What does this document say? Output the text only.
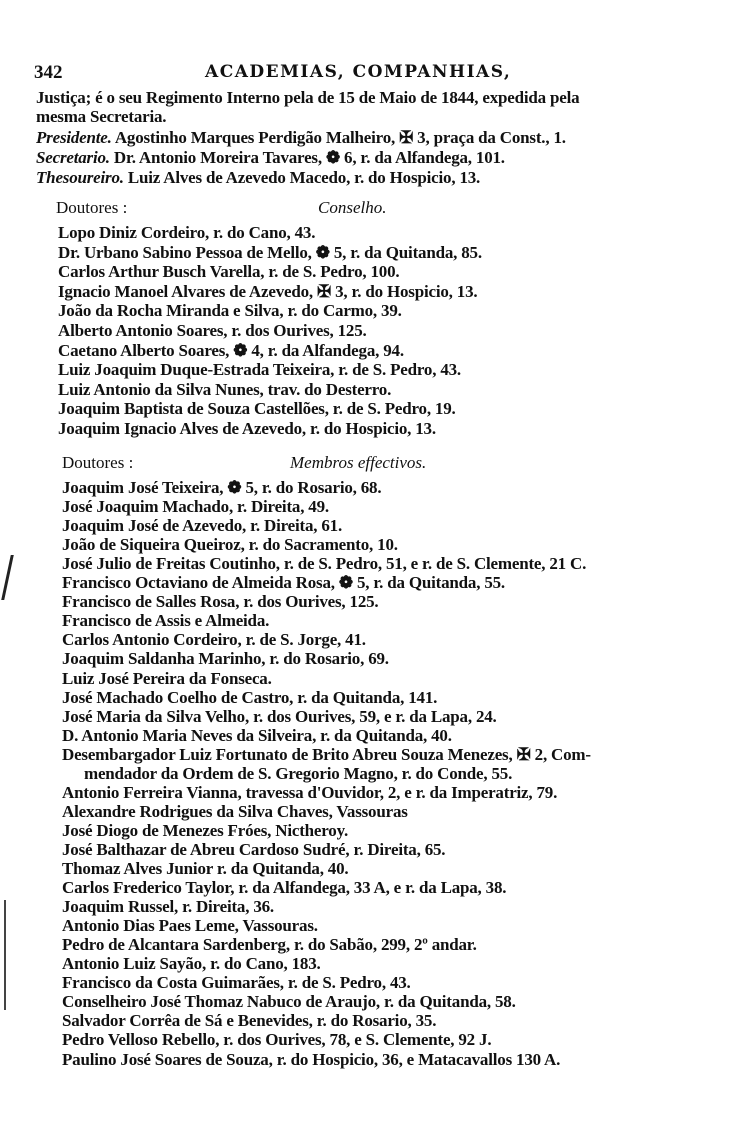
342	ACADEMIAS, COMPANHIAS,
Justiça; é o seu Regimento Interno pela de 15 de Maio de 1844, expedida pela
mesma Secretaria.
Presidente. Agostinho Marques Perdigão Malheiro, ✠ 3, praça da Const., 1.
Secretario. Dr. Antonio Moreira Tavares, ❁ 6, r. da Alfandega, 101.
Thesoureiro. Luiz Alves de Azevedo Macedo, r. do Hospicio, 13.
Doutores :	Conselho.
Lopo Diniz Cordeiro, r. do Cano, 43.
Dr. Urbano Sabino Pessoa de Mello, ❁ 5, r. da Quitanda, 85.
Carlos Arthur Busch Varella, r. de S. Pedro, 100.
Ignacio Manoel Alvares de Azevedo, ✠ 3, r. do Hospicio, 13.
João da Rocha Miranda e Silva, r. do Carmo, 39.
Alberto Antonio Soares, r. dos Ourives, 125.
Caetano Alberto Soares, ❁ 4, r. da Alfandega, 94.
Luiz Joaquim Duque-Estrada Teixeira, r. de S. Pedro, 43.
Luiz Antonio da Silva Nunes, trav. do Desterro.
Joaquim Baptista de Souza Castellões, r. de S. Pedro, 19.
Joaquim Ignacio Alves de Azevedo, r. do Hospicio, 13.
Doutores :	Membros effectivos.
Joaquim José Teixeira, ❁ 5, r. do Rosario, 68.
José Joaquim Machado, r. Direita, 49.
Joaquim José de Azevedo, r. Direita, 61.
João de Siqueira Queiroz, r. do Sacramento, 10.
José Julio de Freitas Coutinho, r. de S. Pedro, 51, e r. de S. Clemente, 21 C.
Francisco Octaviano de Almeida Rosa, ❁ 5, r. da Quitanda, 55.
Francisco de Salles Rosa, r. dos Ourives, 125.
Francisco de Assis e Almeida.
Carlos Antonio Cordeiro, r. de S. Jorge, 41.
Joaquim Saldanha Marinho, r. do Rosario, 69.
Luiz José Pereira da Fonseca.
José Machado Coelho de Castro, r. da Quitanda, 141.
José Maria da Silva Velho, r. dos Ourives, 59, e r. da Lapa, 24.
D. Antonio Maria Neves da Silveira, r. da Quitanda, 40.
Desembargador Luiz Fortunato de Brito Abreu Souza Menezes, ✠ 2, Com-
mendador da Ordem de S. Gregorio Magno, r. do Conde, 55.
Antonio Ferreira Vianna, travessa d'Ouvidor, 2, e r. da Imperatriz, 79.
Alexandre Rodrigues da Silva Chaves, Vassouras
José Diogo de Menezes Fróes, Nictheroy.
José Balthazar de Abreu Cardoso Sudré, r. Direita, 65.
Thomaz Alves Junior r. da Quitanda, 40.
Carlos Frederico Taylor, r. da Alfandega, 33 A, e r. da Lapa, 38.
Joaquim Russel, r. Direita, 36.
Antonio Dias Paes Leme, Vassouras.
Pedro de Alcantara Sardenberg, r. do Sabão, 299, 2º andar.
Antonio Luiz Sayão, r. do Cano, 183.
Francisco da Costa Guimarães, r. de S. Pedro, 43.
Conselheiro José Thomaz Nabuco de Araujo, r. da Quitanda, 58.
Salvador Corrêa de Sá e Benevides, r. do Rosario, 35.
Pedro Velloso Rebello, r. dos Ourives, 78, e S. Clemente, 92 J.
Paulino José Soares de Souza, r. do Hospicio, 36, e Matacavallos 130 A.
